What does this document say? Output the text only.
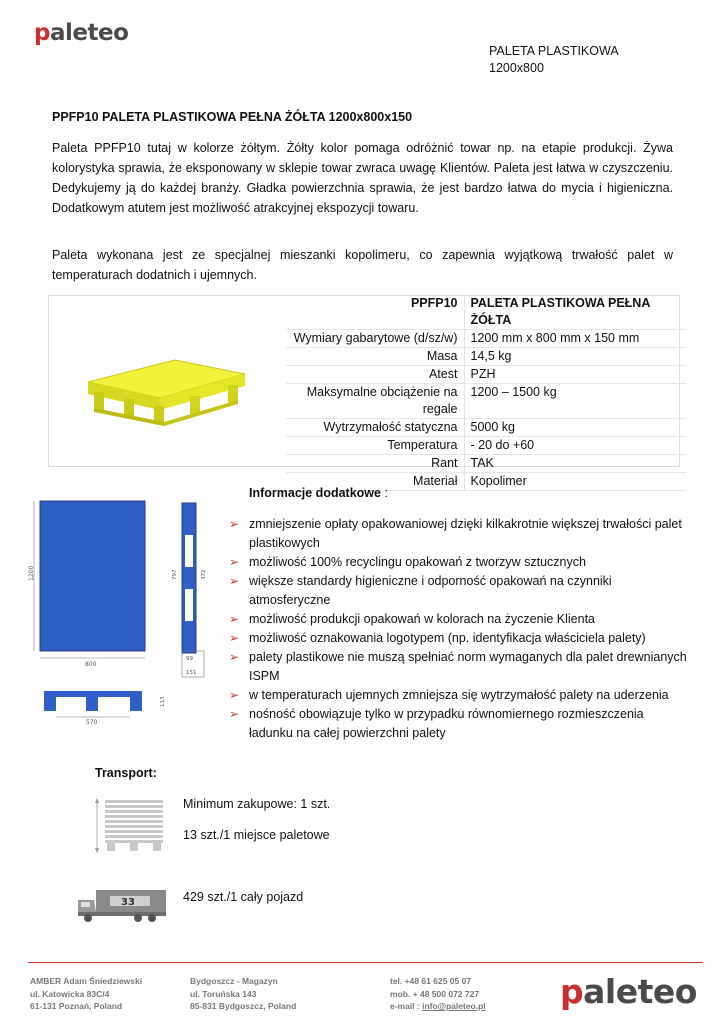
paleteo
PALETA PLASTIKOWA
1200x800
PPFP10 PALETA PLASTIKOWA PEŁNA ŻÓŁTA 1200x800x150

Paleta PPFP10 tutaj w kolorze żółtym. Żółty kolor pomaga odróżnić towar np. na etapie produkcji. Żywa kolorystyka sprawia, że eksponowany w sklepie towar zwraca uwagę Klientów. Paleta jest łatwa w czyszczeniu. Dedykujemy ją do każdej branży. Gładka powierzchnia sprawia, że jest bardzo łatwa do mycia i higieniczna. Dodatkowym atutem jest możliwość atrakcyjnej ekspozycji towaru.

Paleta wykonana jest ze specjalnej mieszanki kopolimeru, co zapewnia wyjątkową trwałość palet w temperaturach dodatnich i ujemnych.

PPFP10	PALETA PLASTIKOWA PEŁNA ŻÓŁTA
Wymiary gabarytowe (d/sz/w)	1200 mm x 800 mm x 150 mm
Masa	14,5 kg
Atest	PZH
Maksymalne obciążenie na regale	1200 – 1500 kg
Wytrzymałość statyczna	5000 kg
Temperatura	- 20 do +60
Rant	TAK
Materiał	Kopolimer
1200
800
797	372
99
151
570
113
Informacje dodatkowe :
➢ zmniejszenie opłaty opakowaniowej dzięki kilkakrotnie większej trwałości palet plastikowych
➢ możliwość 100% recyclingu opakowań z tworzyw sztucznych
➢ większe standardy higieniczne i odporność opakowań na czynniki atmosferyczne
➢ możliwość produkcji opakowań w kolorach na życzenie Klienta
➢ możliwość oznakowania logotypem (np. identyfikacja właściciela palety)
➢ palety plastikowe nie muszą spełniać norm wymaganych dla palet drewnianych ISPM
➢ w temperaturach ujemnych zmniejsza się wytrzymałość palety na uderzenia
➢ nośność obowiązuje tylko w przypadku równomiernego rozmieszczenia ładunku na całej powierzchni palety
Transport:
Minimum zakupowe: 1 szt.
13 szt./1 miejsce paletowe
33	429 szt./1 cały pojazd
AMBER Adam Śniedziewski
ul. Katowicka 83C/4
61-131 Poznań, Poland
Bydgoszcz - Magazyn
ul. Toruńska 143
85-831 Bydgoszcz, Poland
tel. +48 61 625 05 07
mob. + 48 500 072 727
e-mail : info@paleteo.pl paleteo
